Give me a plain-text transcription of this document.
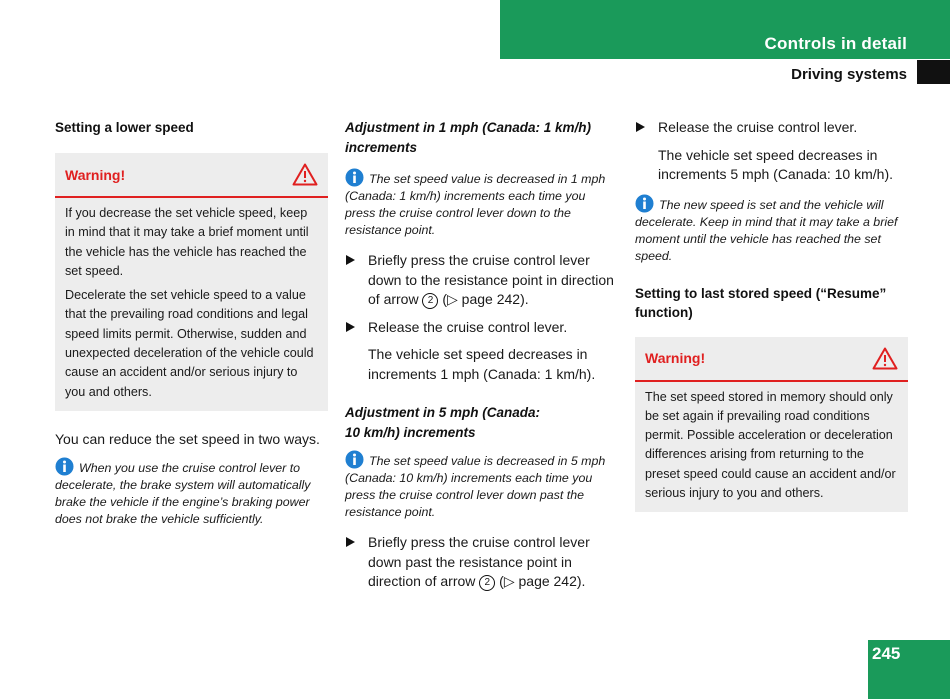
Controls in detail
Driving systems
Setting a lower speed
Warning!

If you decrease the set vehicle speed, keep in mind that it may take a brief moment until the vehicle has the vehicle has reached the set speed.

Decelerate the set vehicle speed to a value that the prevailing road conditions and legal speed limits permit. Otherwise, sudden and unexpected deceleration of the vehicle could cause an accident and/or serious injury to you and others.

You can reduce the set speed in two ways.

When you use the cruise control lever to decelerate, the brake system will automatically brake the vehicle if the engine’s braking power does not brake the vehicle sufficiently.

Adjustment in 1 mph (Canada: 1 km/h) increments

The set speed value is decreased in 1 mph (Canada: 1 km/h) increments each time you press the cruise control lever down to the resistance point.

Briefly press the cruise control lever down to the resistance point in direction of arrow 2 (▷ page 242).

Release the cruise control lever.

The vehicle set speed decreases in increments 1 mph (Canada: 1 km/h).

Adjustment in 5 mph (Canada: 10 km/h) increments

The set speed value is decreased in 5 mph (Canada: 10 km/h) increments each time you press the cruise control lever down past the resistance point.

Briefly press the cruise control lever down past the resistance point in direction of arrow 2 (▷ page 242).

Release the cruise control lever.

The vehicle set speed decreases in increments 5 mph (Canada: 10 km/h).

The new speed is set and the vehicle will decelerate. Keep in mind that it may take a brief moment until the vehicle has reached the set speed.

Setting to last stored speed (“Resume” function)
Warning!

The set speed stored in memory should only be set again if prevailing road conditions permit. Possible acceleration or deceleration differences arising from returning to the preset speed could cause an accident and/or serious injury to you and others.

245
